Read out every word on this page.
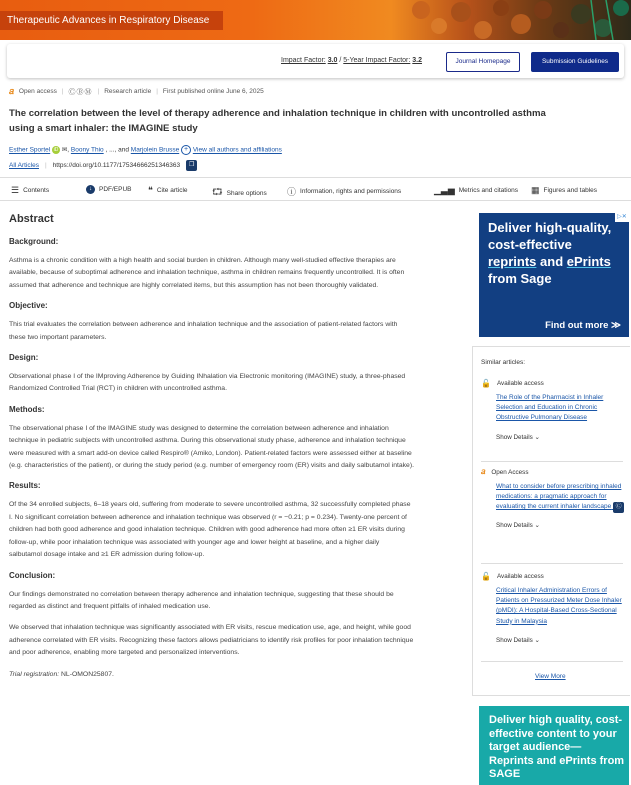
Therapeutic Advances in Respiratory Disease
Impact Factor: 3.0 / 5-Year Impact Factor: 3.2	Journal Homepage	Submission Guidelines
𝑎 Open access | ⒸⒷⓂ | Research article | First published online June 6, 2025
The correlation between the level of therapy adherence and inhalation technique in children with uncontrolled asthma using a smart inhaler: the IMAGINE study
Esther Sportel iD ✉, Boony Thio , ..., and Marjolein Brusse + View all authors and affiliations
All Articles | https://doi.org/10.1177/17534666251346363	❐
☰ Contents	↓	PDF/EPUB ❝ Cite article	⮔ Share options ⓘ Information, rights and permissions	▁▃▅ Metrics and citations ▦ Figures and tables
Abstract
Background:

Asthma is a chronic condition with a high health and social burden in children. Although many well-studied effective therapies are available, because of suboptimal adherence and inhalation technique, asthma in children remains frequently uncontrolled. It is often assumed that adherence and technique are highly correlated items, but this assumption has not been thoroughly validated.

Objective:

This trial evaluates the correlation between adherence and inhalation technique and the association of patient-related factors with these two important parameters.

Design:

Observational phase I of the IMproving Adherence by Guiding INhalation via Electronic monitoring (IMAGINE) study, a three-phased Randomized Controlled Trial (RCT) in children with uncontrolled asthma.

Methods:

The observational phase I of the IMAGINE study was designed to determine the correlation between adherence and inhalation technique in pediatric subjects with uncontrolled asthma. During this observational study phase, adherence and inhalation technique were measured with a smart add-on device called Respiro® (Amiko, London). Patient-related factors were assessed either at baseline (e.g. characteristics of the patient), or during the study period (e.g. number of emergency room (ER) visits and daily salbutamol intake).

Results:

Of the 34 enrolled subjects, 6–18 years old, suffering from moderate to severe uncontrolled asthma, 32 successfully completed phase I. No significant correlation between adherence and inhalation technique was observed (r = −0.21; p = 0.234). Twenty-one percent of children had both good adherence and good inhalation technique. Children with good adherence had more often ≥1 ER visits during follow-up, while poor inhalation technique was associated with younger age and lower height at baseline, and a higher daily salbutamol dosage intake and ≥1 ER admission during follow-up.

Conclusion:

Our findings demonstrated no correlation between therapy adherence and inhalation technique, suggesting that these should be regarded as distinct and frequent pitfalls of inhaled medication use.

We observed that inhalation technique was significantly associated with ER visits, rescue medication use, age, and height, while good adherence correlated with ER visits. Recognizing these factors allows pediatricians to identify risk profiles for poor inhalation technique and poor adherence, enabling more targeted and personalized interventions.

Trial registration: NL-OMON25807.

▷✕
Deliver high-quality,
cost-effective
reprints and ePrints
from Sage
Find out more ≫
Similar articles:
🔓 Available access
The Role of the Pharmacist in Inhaler Selection and Education in Chronic Obstructive Pulmonary Disease
Show Details ⌄
𝑎 Open Access
What to consider before prescribing inhaled medications: a pragmatic approach for evaluating the current inhaler landscape Ⓒ
Show Details ⌄
🔓 Available access
Critical Inhaler Administration Errors of Patients on Pressurized Meter Dose Inhaler (pMDI): A Hospital-Based Cross-Sectional Study in Malaysia
Show Details ⌄
View More
Deliver high quality, cost-effective content to your target audience—Reprints and ePrints from SAGE
